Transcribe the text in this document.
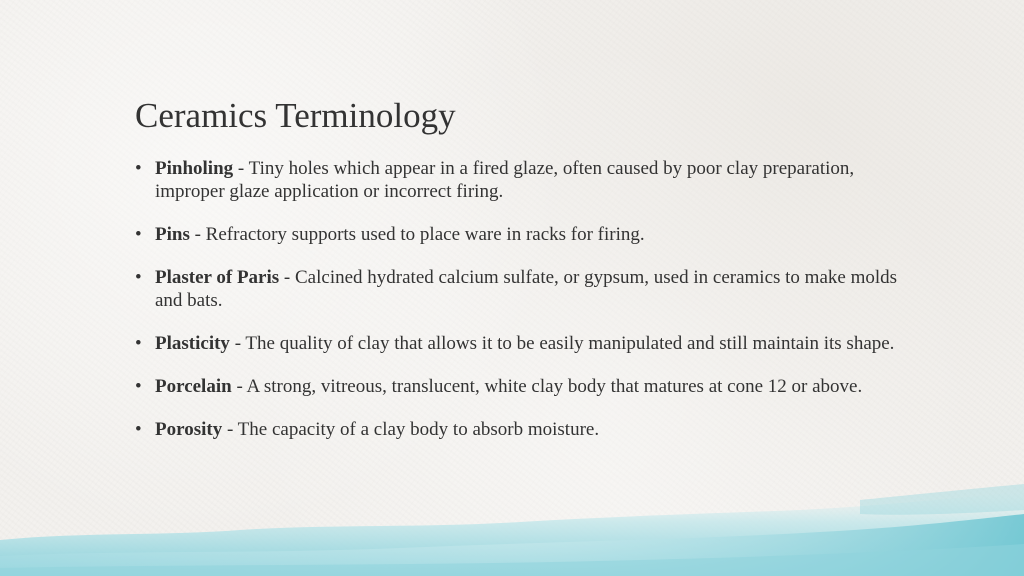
Ceramics Terminology
• Pinholing - Tiny holes which appear in a fired glaze, often caused by poor clay preparation, improper glaze application or incorrect firing.
• Pins - Refractory supports used to place ware in racks for firing.
• Plaster of Paris - Calcined hydrated calcium sulfate, or gypsum, used in ceramics to make molds and bats.
• Plasticity - The quality of clay that allows it to be easily manipulated and still maintain its shape.
• Porcelain - A strong, vitreous, translucent, white clay body that matures at cone 12 or above.
• Porosity - The capacity of a clay body to absorb moisture.
